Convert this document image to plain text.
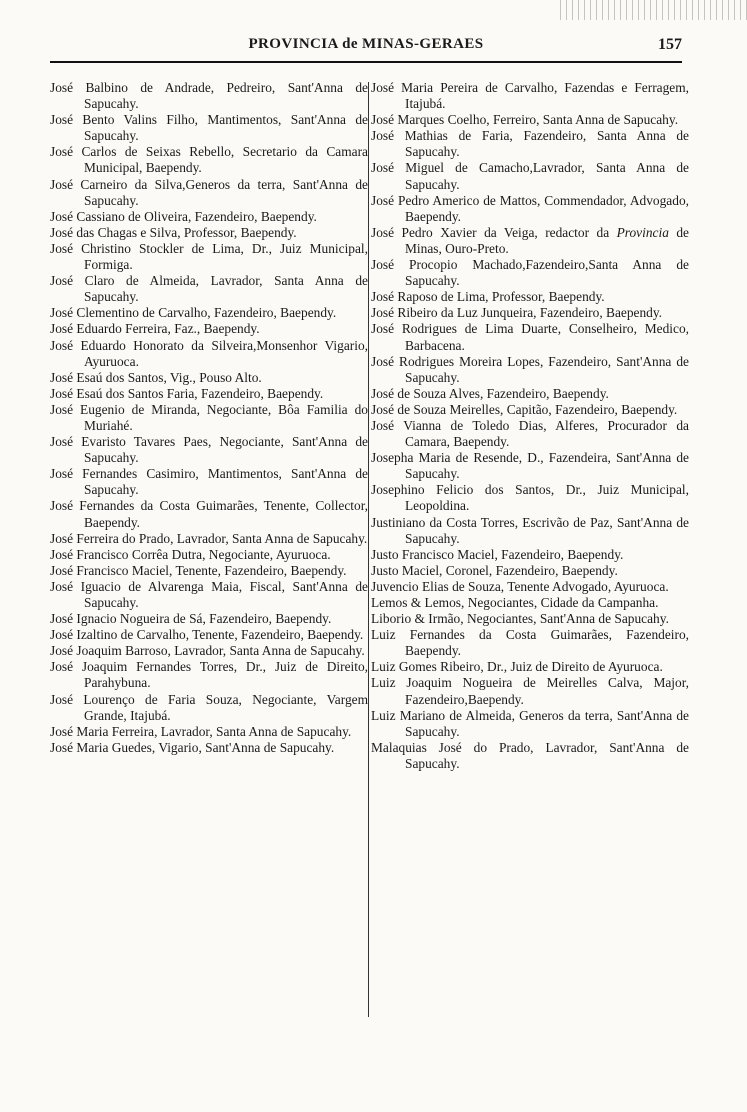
PROVINCIA de MINAS-GERAES	157

José Balbino de Andrade, Pedreiro, Sant'Anna de Sapucahy.

José Bento Valins Filho, Mantimentos, Sant'Anna de Sapucahy.

José Carlos de Seixas Rebello, Secretario da Camara Municipal, Baependy.

José Carneiro da Silva,Generos da terra, Sant'Anna de Sapucahy.

José Cassiano de Oliveira, Fazendeiro, Baependy.

José das Chagas e Silva, Professor, Baependy.

José Christino Stockler de Lima, Dr., Juiz Municipal, Formiga.

José Claro de Almeida, Lavrador, Santa Anna de Sapucahy.

José Clementino de Carvalho, Fazendeiro, Baependy.

José Eduardo Ferreira, Faz., Baependy.

José Eduardo Honorato da Silveira,Monsenhor Vigario, Ayuruoca.

José Esaú dos Santos, Vig., Pouso Alto.

José Esaú dos Santos Faria, Fazendeiro, Baependy.

José Eugenio de Miranda, Negociante, Bôa Familia do Muriahé.

José Evaristo Tavares Paes, Negociante, Sant'Anna de Sapucahy.

José Fernandes Casimiro, Mantimentos, Sant'Anna de Sapucahy.

José Fernandes da Costa Guimarães, Tenente, Collector, Baependy.

José Ferreira do Prado, Lavrador, Santa Anna de Sapucahy.

José Francisco Corrêa Dutra, Negociante, Ayuruoca.

José Francisco Maciel, Tenente, Fazendeiro, Baependy.

José Iguacio de Alvarenga Maia, Fiscal, Sant'Anna de Sapucahy.

José Ignacio Nogueira de Sá, Fazendeiro, Baependy.

José Izaltino de Carvalho, Tenente, Fazendeiro, Baependy.

José Joaquim Barroso, Lavrador, Santa Anna de Sapucahy.

José Joaquim Fernandes Torres, Dr., Juiz de Direito, Parahybuna.

José Lourenço de Faria Souza, Negociante, Vargem Grande, Itajubá.

José Maria Ferreira, Lavrador, Santa Anna de Sapucahy.

José Maria Guedes, Vigario, Sant'Anna de Sapucahy.

José Maria Pereira de Carvalho, Fazendas e Ferragem, Itajubá.

José Marques Coelho, Ferreiro, Santa Anna de Sapucahy.

José Mathias de Faria, Fazendeiro, Santa Anna de Sapucahy.

José Miguel de Camacho,Lavrador, Santa Anna de Sapucahy.

José Pedro Americo de Mattos, Commendador, Advogado, Baependy.

José Pedro Xavier da Veiga, redactor da Provincia de Minas, Ouro-Preto.

José Procopio Machado,Fazendeiro,Santa Anna de Sapucahy.

José Raposo de Lima, Professor, Baependy.

José Ribeiro da Luz Junqueira, Fazendeiro, Baependy.

José Rodrigues de Lima Duarte, Conselheiro, Medico, Barbacena.

José Rodrigues Moreira Lopes, Fazendeiro, Sant'Anna de Sapucahy.

José de Souza Alves, Fazendeiro, Baependy.

José de Souza Meirelles, Capitão, Fazendeiro, Baependy.

José Vianna de Toledo Dias, Alferes, Procurador da Camara, Baependy.

Josepha Maria de Resende, D., Fazendeira, Sant'Anna de Sapucahy.

Josephino Felicio dos Santos, Dr., Juiz Municipal, Leopoldina.

Justiniano da Costa Torres, Escrivão de Paz, Sant'Anna de Sapucahy.

Justo Francisco Maciel, Fazendeiro, Baependy.

Justo Maciel, Coronel, Fazendeiro, Baependy.

Juvencio Elias de Souza, Tenente Advogado, Ayuruoca.

Lemos & Lemos, Negociantes, Cidade da Campanha.

Liborio & Irmão, Negociantes, Sant'Anna de Sapucahy.

Luiz Fernandes da Costa Guimarães, Fazendeiro, Baependy.

Luiz Gomes Ribeiro, Dr., Juiz de Direito de Ayuruoca.

Luiz Joaquim Nogueira de Meirelles Calva, Major, Fazendeiro,Baependy.

Luiz Mariano de Almeida, Generos da terra, Sant'Anna de Sapucahy.

Malaquias José do Prado, Lavrador, Sant'Anna de Sapucahy.
